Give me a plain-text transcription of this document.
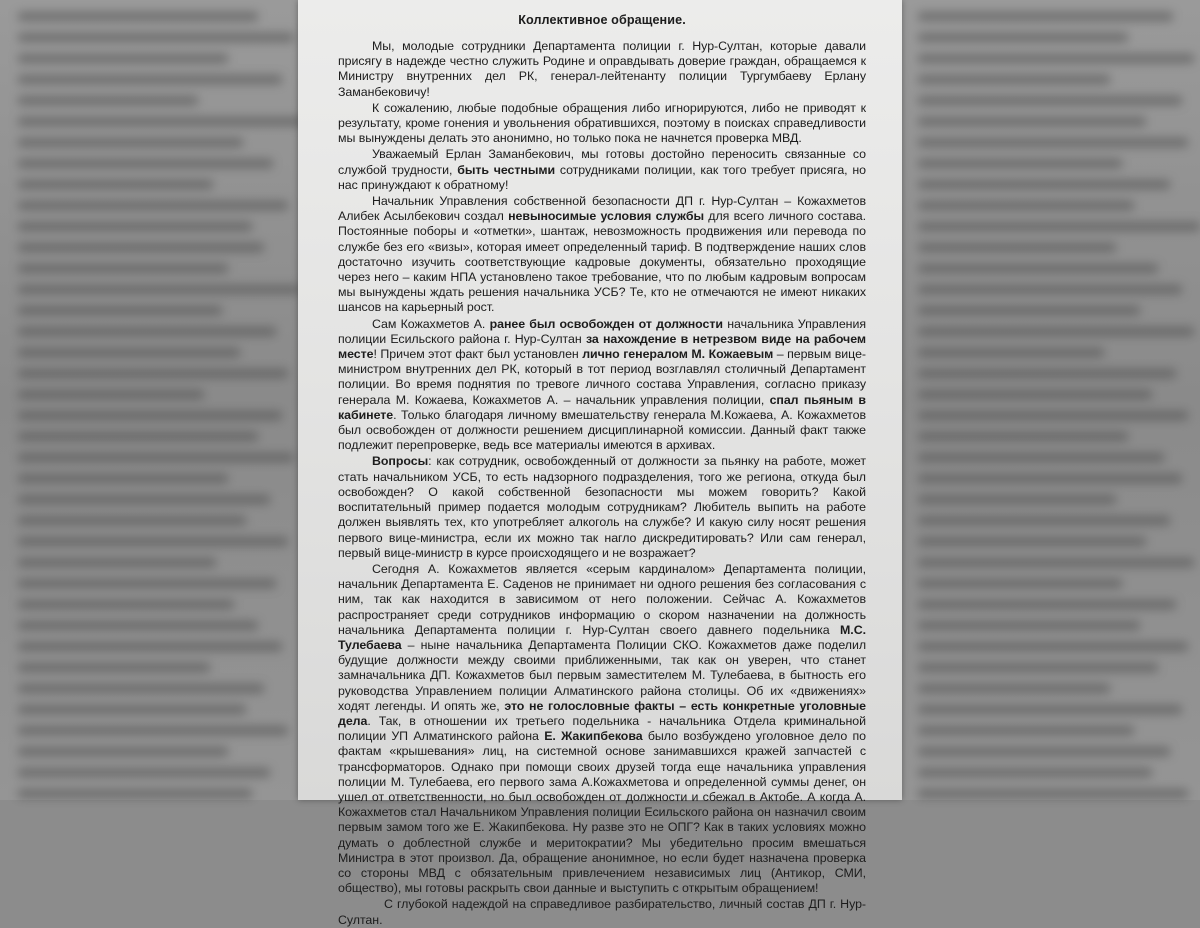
Коллективное обращение.

Мы, молодые сотрудники Департамента полиции г. Нур-Султан, которые давали присягу в надежде честно служить Родине и оправдывать доверие граждан, обращаемся к Министру внутренних дел РК, генерал-лейтенанту полиции Тургумбаеву Ерлану Заманбековичу!

К сожалению, любые подобные обращения либо игнорируются, либо не приводят к результату, кроме гонения и увольнения обратившихся, поэтому в поисках справедливости мы вынуждены делать это анонимно, но только пока не начнется проверка МВД.

Уважаемый Ерлан Заманбекович, мы готовы достойно переносить связанные со службой трудности, быть честными сотрудниками полиции, как того требует присяга, но нас принуждают к обратному!

Начальник Управления собственной безопасности ДП г. Нур-Султан – Кожахметов Алибек Асылбекович создал невыносимые условия службы для всего личного состава. Постоянные поборы и «отметки», шантаж, невозможность продвижения или перевода по службе без его «визы», которая имеет определенный тариф. В подтверждение наших слов достаточно изучить соответствующие кадровые документы, обязательно проходящие через него – каким НПА установлено такое требование, что по любым кадровым вопросам мы вынуждены ждать решения начальника УСБ? Те, кто не отмечаются не имеют никаких шансов на карьерный рост.

Сам Кожахметов А. ранее был освобожден от должности начальника Управления полиции Есильского района г. Нур-Султан за нахождение в нетрезвом виде на рабочем месте! Причем этот факт был установлен лично генералом М. Кожаевым – первым вице-министром внутренних дел РК, который в тот период возглавлял столичный Департамент полиции. Во время поднятия по тревоге личного состава Управления, согласно приказу генерала М. Кожаева, Кожахметов А. – начальник управления полиции, спал пьяным в кабинете. Только благодаря личному вмешательству генерала М.Кожаева, А. Кожахметов был освобожден от должности решением дисциплинарной комиссии. Данный факт также подлежит перепроверке, ведь все материалы имеются в архивах.

Вопросы: как сотрудник, освобожденный от должности за пьянку на работе, может стать начальником УСБ, то есть надзорного подразделения, того же региона, откуда был освобожден? О какой собственной безопасности мы можем говорить? Какой воспитательный пример подается молодым сотрудникам? Любитель выпить на работе должен выявлять тех, кто употребляет алкоголь на службе? И какую силу носят решения первого вице-министра, если их можно так нагло дискредитировать? Или сам генерал, первый вице-министр в курсе происходящего и не возражает?

Сегодня А. Кожахметов является «серым кардиналом» Департамента полиции, начальник Департамента Е. Саденов не принимает ни одного решения без согласования с ним, так как находится в зависимом от него положении. Сейчас А. Кожахметов распространяет среди сотрудников информацию о скором назначении на должность начальника Департамента полиции г. Нур-Султан своего давнего подельника М.С. Тулебаева – ныне начальника Департамента Полиции СКО. Кожахметов даже поделил будущие должности между своими приближенными, так как он уверен, что станет замначальника ДП. Кожахметов был первым заместителем М. Тулебаева, в бытность его руководства Управлением полиции Алматинского района столицы. Об их «движениях» ходят легенды. И опять же, это не голословные факты – есть конкретные уголовные дела. Так, в отношении их третьего подельника - начальника Отдела криминальной полиции УП Алматинского района Е. Жакипбекова было возбуждено уголовное дело по фактам «крышевания» лиц, на системной основе занимавшихся кражей запчастей с трансформаторов. Однако при помощи своих друзей тогда еще начальника управления полиции М. Тулебаева, его первого зама А.Кожахметова и определенной суммы денег, он ушел от ответственности, но был освобожден от должности и сбежал в Актобе. А когда А. Кожахметов стал Начальником Управления полиции Есильского района он назначил своим первым замом того же Е. Жакипбекова. Ну разве это не ОПГ? Как в таких условиях можно думать о доблестной службе и меритократии? Мы убедительно просим вмешаться Министра в этот произвол. Да, обращение анонимное, но если будет назначена проверка со стороны МВД с обязательным привлечением независимых лиц (Антикор, СМИ, общество), мы готовы раскрыть свои данные и выступить с открытым обращением!

С глубокой надеждой на справедливое разбирательство, личный состав ДП г. Нур-Султан.
